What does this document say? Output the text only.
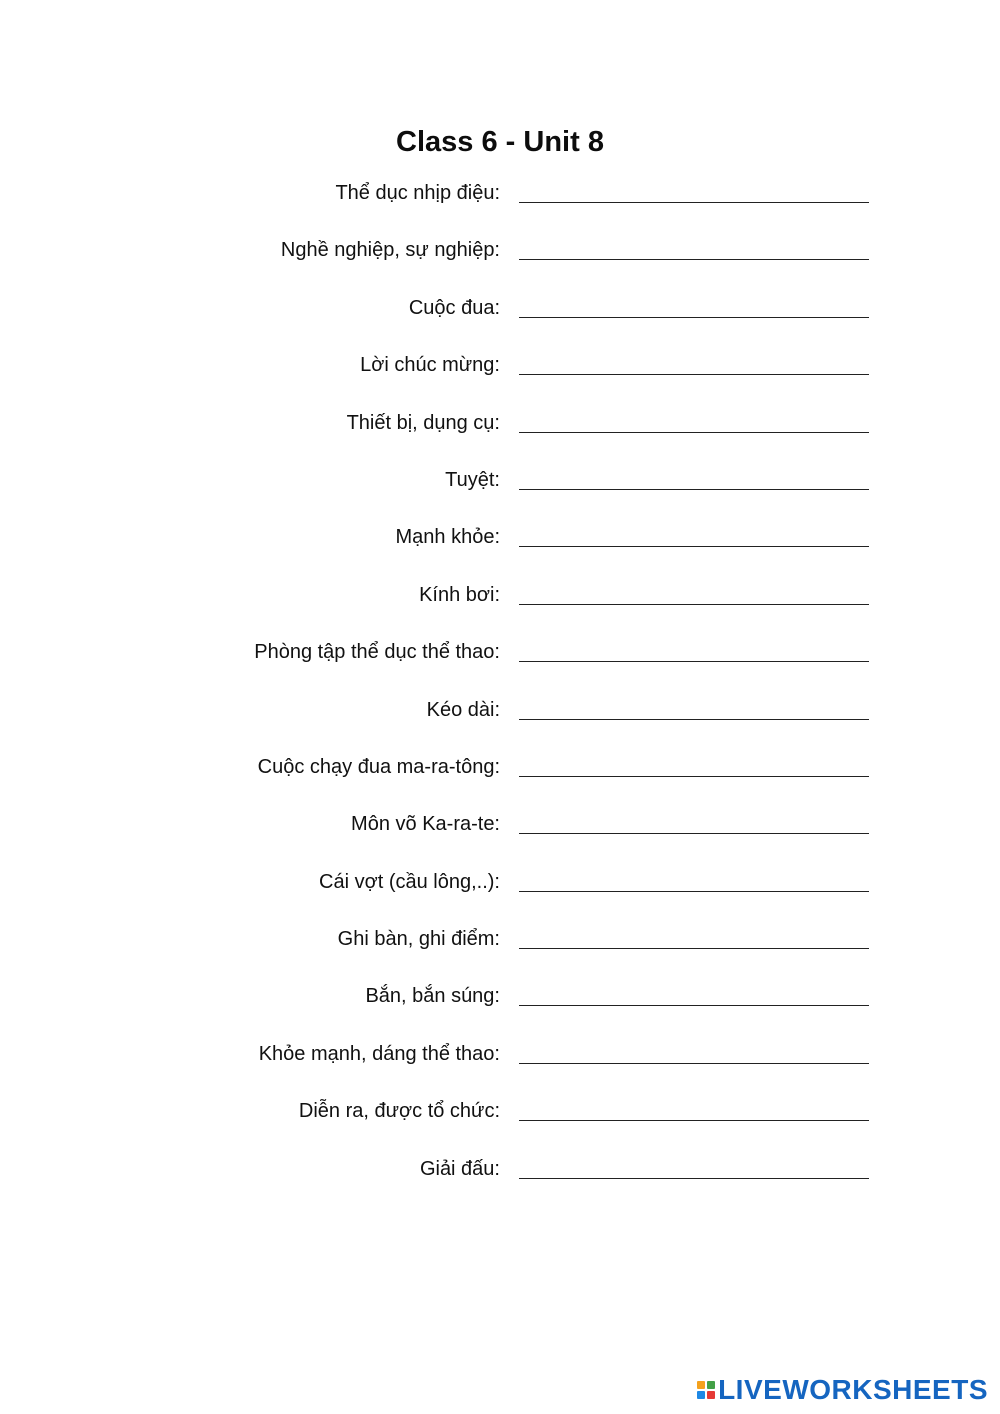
Class 6 - Unit 8
Thể dục nhịp điệu:
Nghề nghiệp, sự nghiệp:
Cuộc đua:
Lời chúc mừng:
Thiết bị, dụng cụ:
Tuyệt:
Mạnh khỏe:
Kính bơi:
Phòng tập thể dục thể thao:
Kéo dài:
Cuộc chạy đua ma-ra-tông:
Môn võ Ka-ra-te:
Cái vợt (cầu lông,..):
Ghi bàn, ghi điểm:
Bắn, bắn súng:
Khỏe mạnh, dáng thể thao:
Diễn ra, được tổ chức:
Giải đấu:
LIVEWORKSHEETS
